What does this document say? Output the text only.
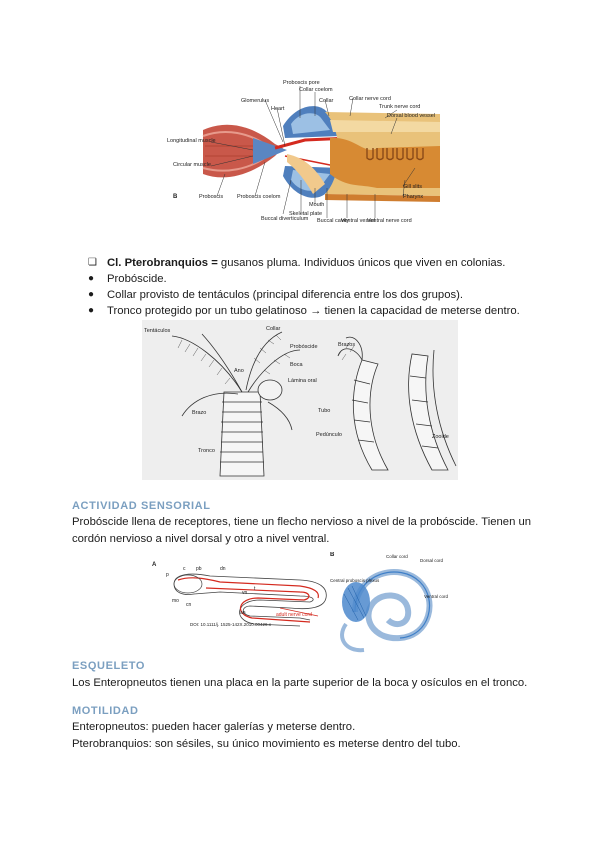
Proboscis pore
Collar coelom
Glomerulus
Heart
Collar	Collar nerve cord
Trunk nerve cord
Dorsal blood vessel
Longitudinal muscle
Circular muscle
B	Proboscis	Proboscis coelom
Buccal diverticulum
Skeletal plate
Mouth
Buccal cavity
Ventral vessel
Ventral nerve cord
Gill slits
Pharynx
❏ Cl. Pterobranquios = gusanos pluma. Individuos únicos que viven en colonias.
●	Probóscide.
●	Collar provisto de tentáculos (principal diferencia entre los dos grupos).
●	Tronco protegido por un tubo gelatinoso → tienen la capacidad de meterse dentro.
Tentáculos	Collar
Probóscide
Boca
Ano
Lámina oral
Brazo
Tronco
Brazos
Tubo
Pedúnculo	Zooide
ACTIVIDAD SENSORIAL
Probóscide llena de receptores, tiene un flecho nervioso a nivel de la probóscide. Tienen un
cordón nervioso a nivel dorsal y otro a nivel ventral.
A
p
c pb	dn
mo
cn
vn
t
an	adult nerve cord
DOI: 10.1111/j. 1525-142X.2010.00426.x
B	Collar cord
Dorsal cord
Central proboscis plexus
Ventral cord
ESQUELETO
Los Enteropneutos tienen una placa en la parte superior de la boca y osículos en el tronco.
MOTILIDAD
Enteropneutos: pueden hacer galerías y meterse dentro.
Pterobranquios: son sésiles, su único movimiento es meterse dentro del tubo.
